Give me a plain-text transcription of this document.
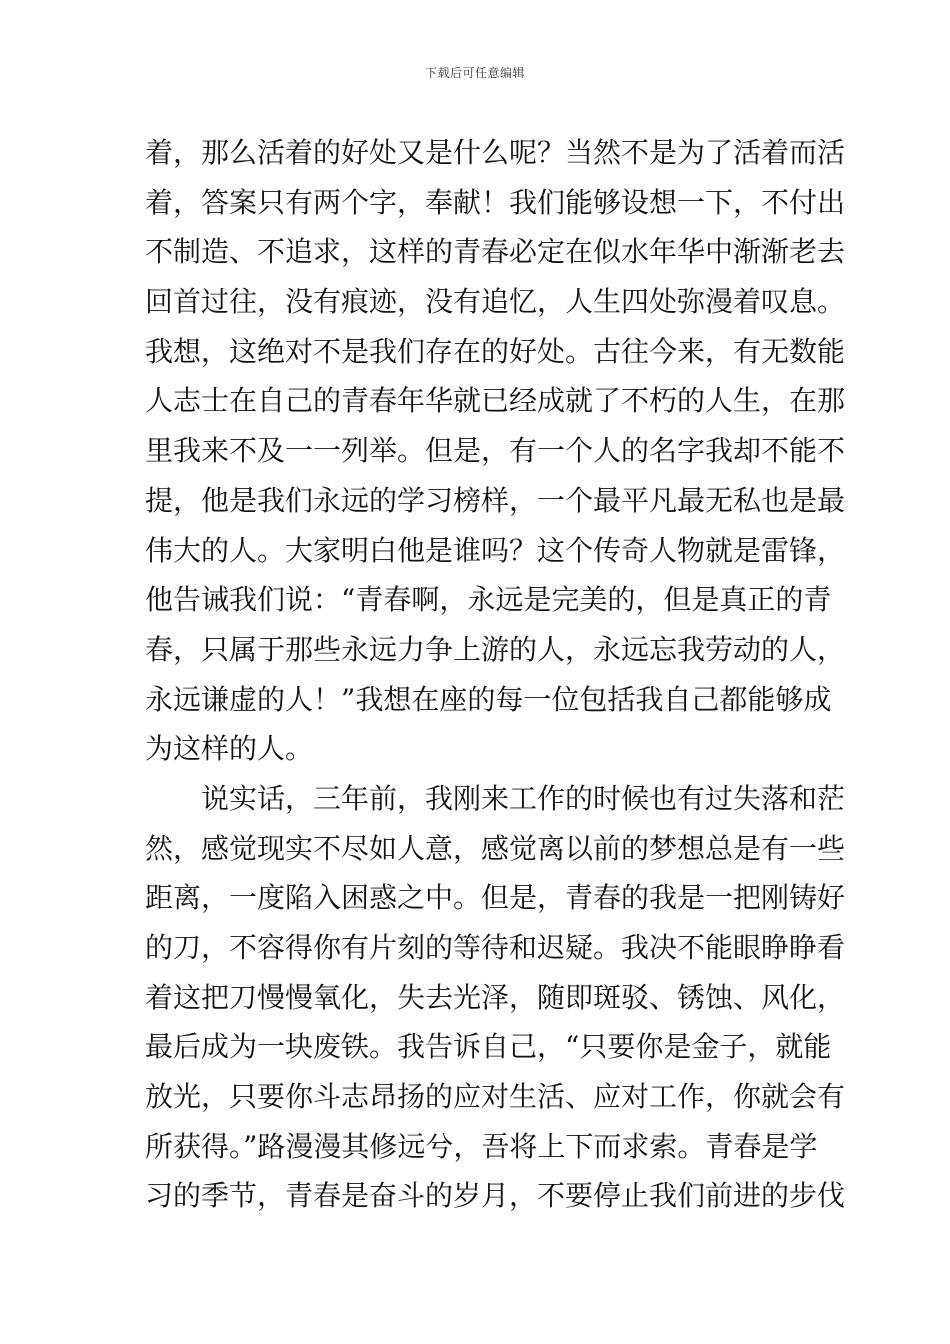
下载后可任意编辑
着，那么活着的好处又是什么呢？当然不是为了活着而活
着，答案只有两个字，奉献！我们能够设想一下，不付出
不制造、不追求，这样的青春必定在似水年华中渐渐老去
回首过往，没有痕迹，没有追忆，人生四处弥漫着叹息。
我想，这绝对不是我们存在的好处。古往今来，有无数能
人志士在自己的青春年华就已经成就了不朽的人生，在那
里我来不及一一列举。但是，有一个人的名字我却不能不
提，他是我们永远的学习榜样，一个最平凡最无私也是最
伟大的人。大家明白他是谁吗？这个传奇人物就是雷锋，
他告诫我们说：“青春啊，永远是完美的，但是真正的青
春，只属于那些永远力争上游的人，永远忘我劳动的人，
永远谦虚的人！”我想在座的每一位包括我自己都能够成
为这样的人。
说实话，三年前，我刚来工作的时候也有过失落和茫
然，感觉现实不尽如人意，感觉离以前的梦想总是有一些
距离，一度陷入困惑之中。但是，青春的我是一把刚铸好
的刀，不容得你有片刻的等待和迟疑。我决不能眼睁睁看
着这把刀慢慢氧化，失去光泽，随即斑驳、锈蚀、风化，
最后成为一块废铁。我告诉自己，“只要你是金子，就能
放光，只要你斗志昂扬的应对生活、应对工作，你就会有
所获得。”路漫漫其修远兮，吾将上下而求索。青春是学
习的季节，青春是奋斗的岁月，不要停止我们前进的步伐
